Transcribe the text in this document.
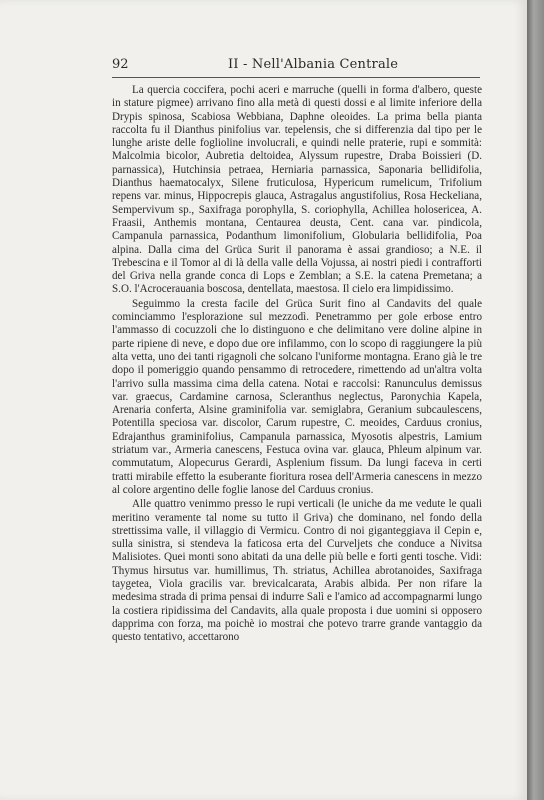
92	II - Nell'Albania Centrale

La quercia coccifera, pochi aceri e marruche (quelli in forma d'albero, queste in stature pigmee) arrivano fino alla metà di questi dossi e al limite inferiore della Drypis spinosa, Scabiosa Webbiana, Daphne oleoides. La prima bella pianta raccolta fu il Dianthus pinifolius var. tepelensis, che si differenzia dal tipo per le lunghe ariste delle foglioline involucrali, e quindi nelle praterie, rupi e sommità: Malcolmia bicolor, Aubretia deltoidea, Alyssum rupestre, Draba Boissieri (D. parnassica), Hutchinsia petraea, Herniaria parnassica, Saponaria bellidifolia, Dianthus haematocalyx, Silene fruticulosa, Hypericum rumelicum, Trifolium repens var. minus, Hippocrepis glauca, Astragalus angustifolius, Rosa Heckeliana, Sempervivum sp., Saxifraga porophylla, S. coriophylla, Achillea holosericea, A. Fraasii, Anthemis montana, Centaurea deusta, Cent. cana var. pindicola, Campanula parnassica, Podanthum limonifolium, Globularia bellidifolia, Poa alpina. Dalla cima del Grüca Surit il panorama è assai grandioso; a N.E. il Trebescina e il Tomor al di là della valle della Vojussa, ai nostri piedi i contrafforti del Griva nella grande conca di Lops e Zemblan; a S.E. la catena Premetana; a S.O. l'Acrocerauania boscosa, dentellata, maestosa. Il cielo era limpidissimo.

Seguimmo la cresta facile del Grüca Surit fino al Candavits del quale cominciammo l'esplorazione sul mezzodì. Penetrammo per gole erbose entro l'ammasso di cocuzzoli che lo distinguono e che delimitano vere doline alpine in parte ripiene di neve, e dopo due ore infilammo, con lo scopo di raggiungere la più alta vetta, uno dei tanti rigagnoli che solcano l'uniforme montagna. Erano già le tre dopo il pomeriggio quando pensammo di retrocedere, rimettendo ad un'altra volta l'arrivo sulla massima cima della catena. Notai e raccolsi: Ranunculus demissus var. graecus, Cardamine carnosa, Scleranthus neglectus, Paronychia Kapela, Arenaria conferta, Alsine graminifolia var. semiglabra, Geranium subcaulescens, Potentilla speciosa var. discolor, Carum rupestre, C. meoides, Carduus cronius, Edrajanthus graminifolius, Campanula parnassica, Myosotis alpestris, Lamium striatum var., Armeria canescens, Festuca ovina var. glauca, Phleum alpinum var. commutatum, Alopecurus Gerardi, Asplenium fissum. Da lungi faceva in certi tratti mirabile effetto la esuberante fioritura rosea dell'Armeria canescens in mezzo al colore argentino delle foglie lanose del Carduus cronius.

Alle quattro venimmo presso le rupi verticali (le uniche da me vedute le quali meritino veramente tal nome su tutto il Griva) che dominano, nel fondo della strettissima valle, il villaggio di Vermicu. Contro di noi giganteggiava il Cepin e, sulla sinistra, si stendeva la faticosa erta del Curveljets che conduce a Nivitsa Malisiotes. Quei monti sono abitati da una delle più belle e forti genti tosche. Vidi: Thymus hirsutus var. humillimus, Th. striatus, Achillea abrotanoides, Saxifraga taygetea, Viola gracilis var. brevicalcarata, Arabis albida. Per non rifare la medesima strada di prima pensai di indurre Salì e l'amico ad accompagnarmi lungo la costiera ripidissima del Candavits, alla quale proposta i due uomini si opposero dapprima con forza, ma poichè io mostrai che potevo trarre grande vantaggio da questo tentativo, accettarono
